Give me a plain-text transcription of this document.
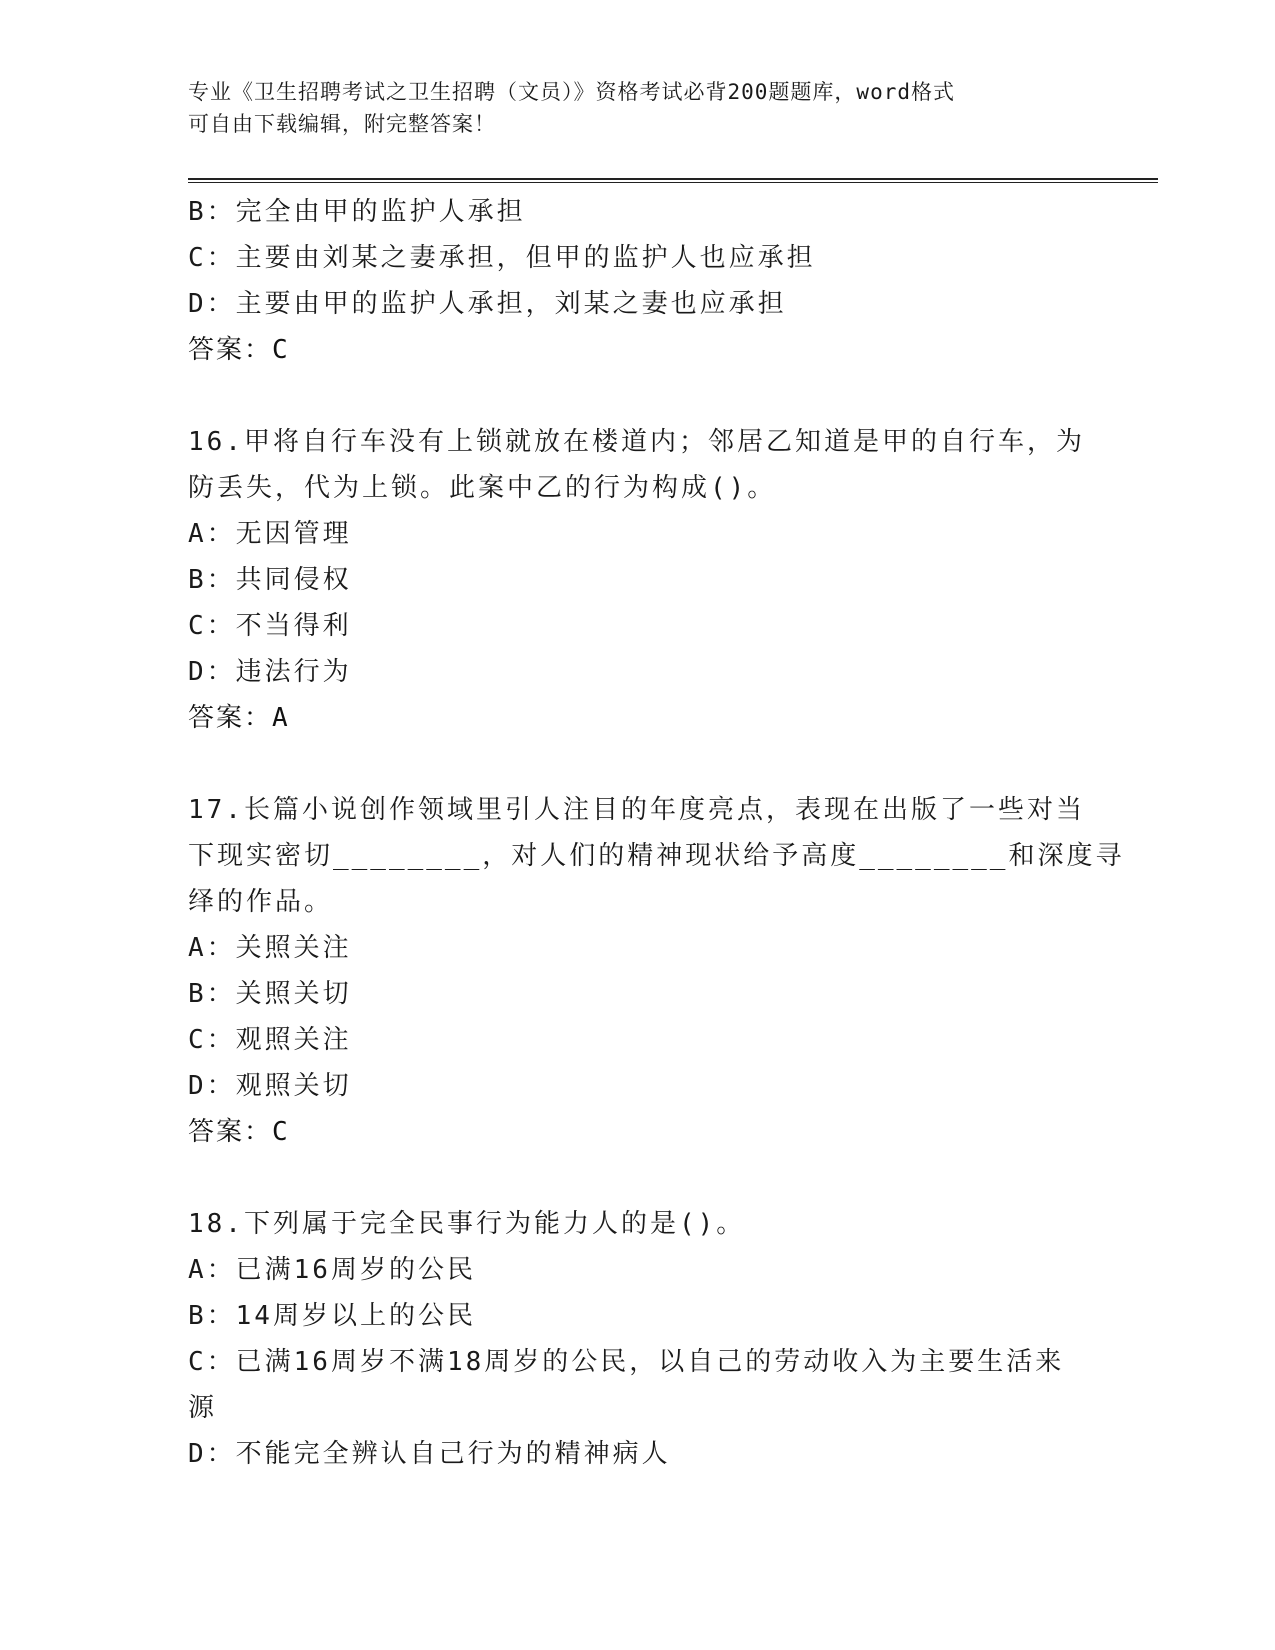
专业《卫生招聘考试之卫生招聘（文员）》资格考试必背200题题库，word格式
可自由下载编辑，附完整答案！
B：完全由甲的监护人承担
C：主要由刘某之妻承担，但甲的监护人也应承担
D：主要由甲的监护人承担，刘某之妻也应承担
答案：C
16.甲将自行车没有上锁就放在楼道内；邻居乙知道是甲的自行车，为
防丢失，代为上锁。此案中乙的行为构成()。
A：无因管理
B：共同侵权
C：不当得利
D：违法行为
答案：A
17.长篇小说创作领域里引人注目的年度亮点，表现在出版了一些对当
下现实密切________，对人们的精神现状给予高度________和深度寻
绎的作品。
A：关照关注
B：关照关切
C：观照关注
D：观照关切
答案：C
18.下列属于完全民事行为能力人的是()。
A：已满16周岁的公民
B：14周岁以上的公民
C：已满16周岁不满18周岁的公民，以自己的劳动收入为主要生活来
源
D：不能完全辨认自己行为的精神病人
